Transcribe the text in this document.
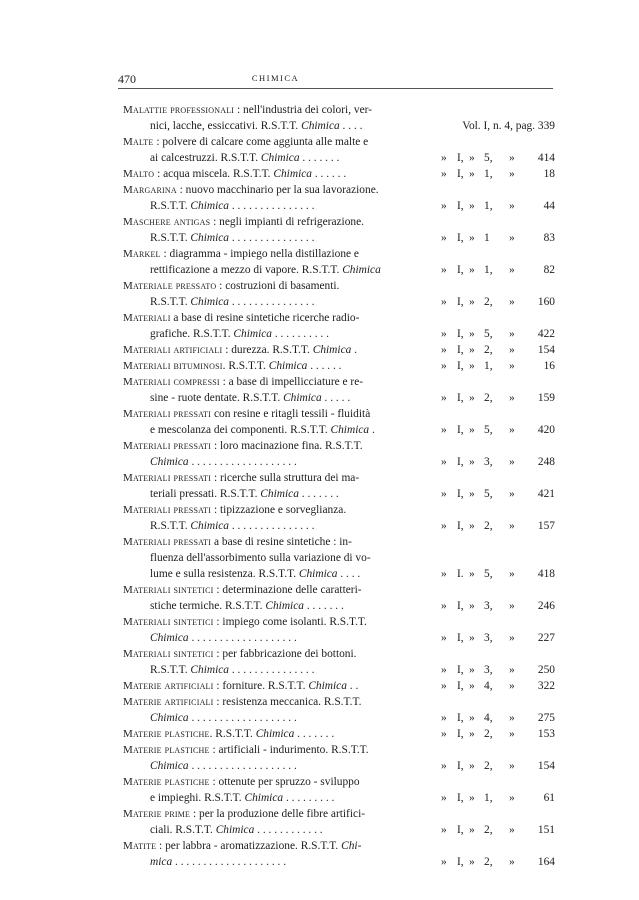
470	CHIMICA
Malattie professionali : nell'industria dei colori, ver-
nici, lacche, essiccativi. R.S.T.T. Chimica . . . .	Vol. I, n. 4, pag. 339
Malte : polvere di calcare come aggiunta alle malte e
ai calcestruzzi. R.S.T.T. Chimica . . . . . . .	» I, » 5, » 414
Malto : acqua miscela. R.S.T.T. Chimica . . . . . .	» I, » 1, »	18
Margarina : nuovo macchinario per la sua lavorazione.
R.S.T.T. Chimica . . . . . . . . . . . . . . .	» I, » 1, »	44
Maschere antigas : negli impianti di refrigerazione.
R.S.T.T. Chimica . . . . . . . . . . . . . . .	» I, » 1 »	83
Markel : diagramma - impiego nella distillazione e
rettificazione a mezzo di vapore. R.S.T.T. Chimica	» I, » 1, »	82
Materiale pressato : costruzioni di basamenti.
R.S.T.T. Chimica . . . . . . . . . . . . . . .	» I, » 2, » 160
Materiali a base di resine sintetiche ricerche radio-
grafiche. R.S.T.T. Chimica . . . . . . . . . .	» I, » 5, » 422
Materiali artificiali : durezza. R.S.T.T. Chimica .	» I, » 2, » 154
Materiali bituminosi. R.S.T.T. Chimica . . . . . .	» I, » 1, »	16
Materiali compressi : a base di impellicciature e re-
sine - ruote dentate. R.S.T.T. Chimica . . . . .	» I, » 2, » 159
Materiali pressati con resine e ritagli tessili - fluidità
e mescolanza dei componenti. R.S.T.T. Chimica .	» I, » 5, » 420
Materiali pressati : loro macinazione fina. R.S.T.T.
Chimica . . . . . . . . . . . . . . . . . . .	» I, » 3, » 248
Materiali pressati : ricerche sulla struttura dei ma-
teriali pressati. R.S.T.T. Chimica . . . . . . .	» I, » 5, » 421
Materiali pressati : tipizzazione e sorveglianza.
R.S.T.T. Chimica . . . . . . . . . . . . . . .	» I, » 2, » 157
Materiali pressati a base di resine sintetiche : in-
fluenza dell'assorbimento sulla variazione di vo-
lume e sulla resistenza. R.S.T.T. Chimica . . . .	» I. » 5, » 418
Materiali sintetici : determinazione delle caratteri-
stiche termiche. R.S.T.T. Chimica . . . . . . .	» I, » 3, » 246
Materiali sintetici : impiego come isolanti. R.S.T.T.
Chimica . . . . . . . . . . . . . . . . . . .	» I, » 3, » 227
Materiali sintetici : per fabbricazione dei bottoni.
R.S.T.T. Chimica . . . . . . . . . . . . . . .	» I, » 3, » 250
Materie artificiali : forniture. R.S.T.T. Chimica . .	» I, » 4, » 322
Materie artificiali : resistenza meccanica. R.S.T.T.
Chimica . . . . . . . . . . . . . . . . . . .	» I, » 4, » 275
Materie plastiche. R.S.T.T. Chimica . . . . . . .	» I, » 2, » 153
Materie plastiche : artificiali - indurimento. R.S.T.T.
Chimica . . . . . . . . . . . . . . . . . . .	» I, » 2, » 154
Materie plastiche : ottenute per spruzzo - sviluppo
e impieghi. R.S.T.T. Chimica . . . . . . . . .	» I, » 1, »	61
Materie prime : per la produzione delle fibre artifici-
ciali. R.S.T.T. Chimica . . . . . . . . . . . .	» I, » 2, » 151
Matite : per labbra - aromatizzazione. R.S.T.T. Chi-
mica . . . . . . . . . . . . . . . . . . . .	» I, » 2, » 164
